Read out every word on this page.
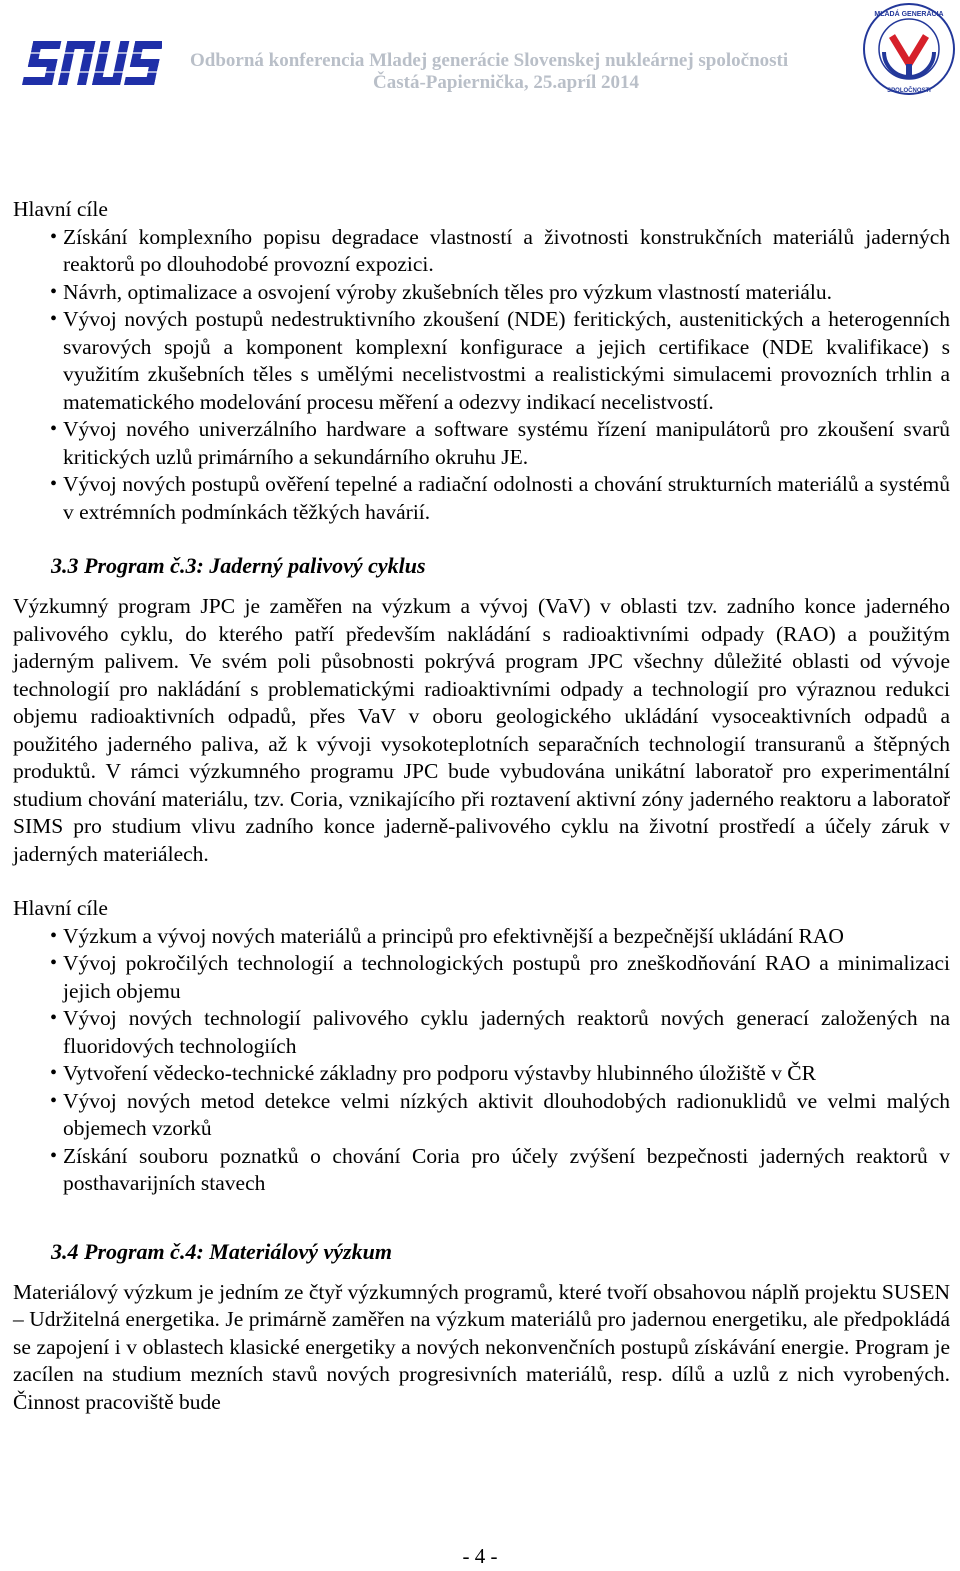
Odborná konferencia Mladej generácie Slovenskej nukleárnej spoločnosti
Častá-Papiernička, 25.apríl 2014
MLADÁ GENERÁCIA
SPOLOČNOSTI

Hlavní cíle

• Získání komplexního popisu degradace vlastností a životnosti konstrukčních materiálů jaderných reaktorů po dlouhodobé provozní expozici.
• Návrh, optimalizace a osvojení výroby zkušebních těles pro výzkum vlastností materiálu.
• Vývoj nových postupů nedestruktivního zkoušení (NDE) feritických, austenitických a heterogenních svarových spojů a komponent komplexní konfigurace a jejich certifikace (NDE kvalifikace) s využitím zkušebních těles s umělými necelistvostmi a realistickými simulacemi provozních trhlin a matematického modelování procesu měření a odezvy indikací necelistvostí.
• Vývoj nového univerzálního hardware a software systému řízení manipulátorů pro zkoušení svarů kritických uzlů primárního a sekundárního okruhu JE.
• Vývoj nových postupů ověření tepelné a radiační odolnosti a chování strukturních materiálů a systémů v extrémních podmínkách těžkých havárií.
3.3 Program č.3: Jaderný palivový cyklus

Výzkumný program JPC je zaměřen na výzkum a vývoj (VaV) v oblasti tzv. zadního konce jaderného palivového cyklu, do kterého patří především nakládání s radioaktivními odpady (RAO) a použitým jaderným palivem. Ve svém poli působnosti pokrývá program JPC všechny důležité oblasti od vývoje technologií pro nakládání s problematickými radioaktivními odpady a technologií pro výraznou redukci objemu radioaktivních odpadů, přes VaV v oboru geologického ukládání vysoceaktivních odpadů a použitého jaderného paliva, až k vývoji vysokoteplotních separačních technologií transuranů a štěpných produktů. V rámci výzkumného programu JPC bude vybudována unikátní laboratoř pro experimentální studium chování materiálu, tzv. Coria, vznikajícího při roztavení aktivní zóny jaderného reaktoru a laboratoř SIMS pro studium vlivu zadního konce jaderně-palivového cyklu na životní prostředí a účely záruk v jaderných materiálech.

Hlavní cíle

• Výzkum a vývoj nových materiálů a principů pro efektivnější a bezpečnější ukládání RAO
• Vývoj pokročilých technologií a technologických postupů pro zneškodňování RAO a minimalizaci jejich objemu
• Vývoj nových technologií palivového cyklu jaderných reaktorů nových generací založených na fluoridových technologiích
• Vytvoření vědecko-technické základny pro podporu výstavby hlubinného úložiště v ČR
• Vývoj nových metod detekce velmi nízkých aktivit dlouhodobých radionuklidů ve velmi malých objemech vzorků
• Získání souboru poznatků o chování Coria pro účely zvýšení bezpečnosti jaderných reaktorů v posthavarijních stavech
3.4 Program č.4: Materiálový výzkum

Materiálový výzkum je jedním ze čtyř výzkumných programů, které tvoří obsahovou náplň projektu SUSEN – Udržitelná energetika. Je primárně zaměřen na výzkum materiálů pro jadernou energetiku, ale předpokládá se zapojení i v oblastech klasické energetiky a nových nekonvenčních postupů získávání energie. Program je zacílen na studium mezních stavů nových progresivních materiálů, resp. dílů a uzlů z nich vyrobených. Činnost pracoviště bude

- 4 -
